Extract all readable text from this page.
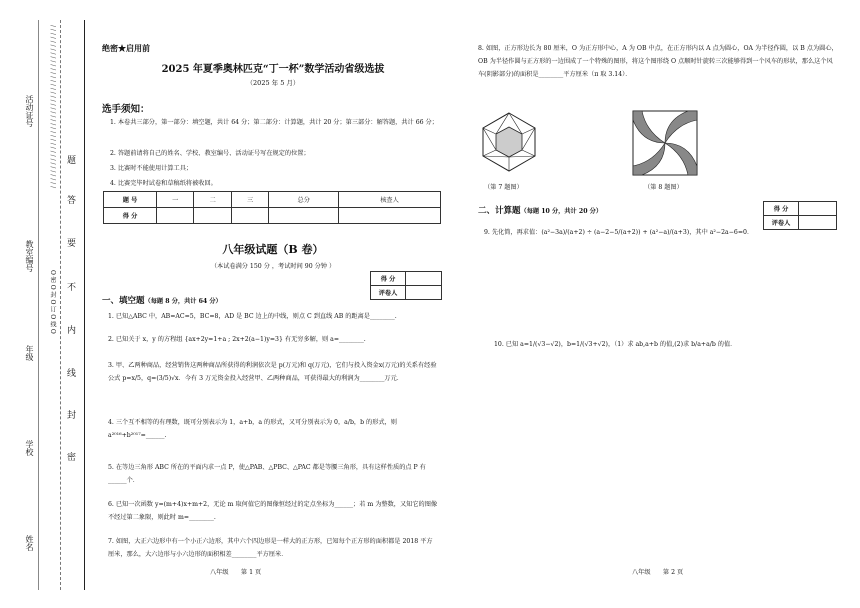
活动证号
教室编号
年级
学校
姓名
/ / / / / / / / / / / / / / / / / / / / / / / / / / / / / / / / / / / / / / / / / /
Ο 密 Ο 封 Ο 订 Ο 线 Ο
题
答
要
不
内
线
封
密
绝密★启用前
2025 年夏季奥林匹克“丁一杯”数学活动省级选拔
（2025 年 5 月）
选手须知：
1. 本卷共三部分，第一部分：填空题，共计 64 分；第二部分：计算题，共计 20 分；第三部分：解答题，共计 66 分；
2. 答题前请将自己的姓名、学校、教室编号、活动证号写在规定的位置；
3. 比赛时不能使用计算工具；
4. 比赛完毕时试卷和草稿纸将被收回。
题 号	一	二	三	总分	核查人
得 分					
八年级试题（B 卷）
（本试卷满分 150 分 ，考试时间 90 分钟 ）
得 分	
评卷人	
一、填空题（每题 8 分，共计 64 分）
1. 已知△ABC 中，AB=AC=5，BC=8，AD 是 BC 边上的中线，则点 C 到直线 AB 的距离是________.
2. 已知关于 x，y 的方程组 {ax+2y=1+a ; 2x+2(a−1)y=3} 有无穷多解，则 a=________.
3. 甲、乙两种商品，经营销售这两种商品所获得的利润依次是 p(万元)和 q(万元)，它们与投入资金x(万元)的关系有经验公式 p=x/5，q=(3/5)√x．今有 3 万元资金投入经营甲、乙两种商品，可获得最大的利润为________万元．
4. 三个互不相等的有理数，既可分别表示为 1，a+b，a 的形式，又可分别表示为 0，a/b，b 的形式，则 a²⁰¹⁶+b²⁰¹⁷=______.
5. 在等边三角形 ABC 所在的平面内求一点 P，使△PAB、△PBC、△PAC 都是等腰三角形，具有这样性质的点 P 有______个．
6. 已知一次函数 y=(m+4)x+m+2，无论 m 取何值它的图像恒经过的定点坐标为______；若 m 为整数，又知它的图像不经过第二象限，则此时 m=________.
7. 如图，大正六边形中有一个小正六边形，其中六个四边形是一样大的正方形，已知每个正方形的面积都是 2018 平方厘米，那么，大六边形与小六边形的面积相差________平方厘米．
八年级　　第 1 页
8. 如图，正方形边长为 80 厘米，O 为正方形中心，A 为 OB 中点，在正方形内以 A 点为圆心，OA 为半径作圆，以 B 点为圆心，OB 为半径作圆与正方形的一边围成了一个特殊的图形，将这个图形绕 O 点顺时针旋转三次能够得到一个风车的形状，那么这个风车(阴影部分)的面积是________平方厘米（π 取 3.14）．
（第 7 题图）	（第 8 题图）
得 分	
评卷人	
二、计算题（每题 10 分，共计 20 分）
9. 先化简，再求值：(a²−3a)/(a+2) ÷ (a−2−5/(a+2)) + (a²−a)/(a+3)，其中 a²−2a−6=0．
10. 已知 a=1/(√3−√2)，b=1/(√3+√2)，（1）求 ab,a+b 的值,(2)求 b/a+a/b 的值．
八年级　　第 2 页
